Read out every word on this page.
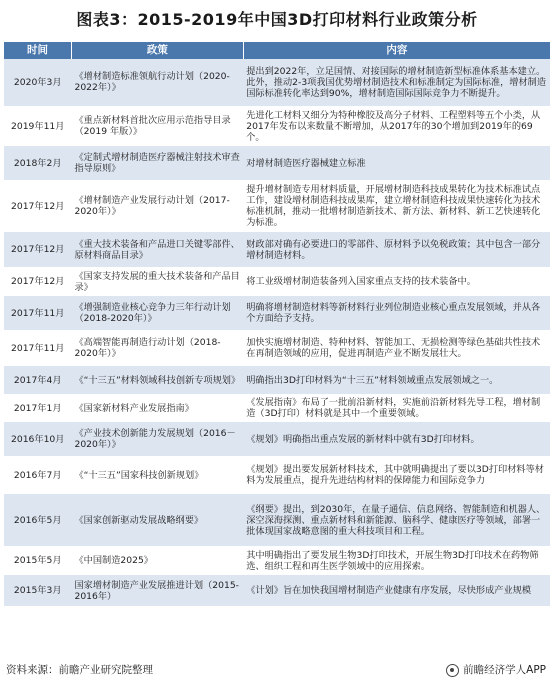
图表3：2015-2019年中国3D打印材料行业政策分析
时间	政策	内容
2020年3月	《增材制造标准领航行动计划（2020-2022年）》	提出到2022年，立足国情、对接国际的增材制造新型标准体系基本建立。此外，推动2-3项我国优势增材制造技术和标准制定为国际标准，增材制造国际标准转化率达到90%，增材制造国际国际竞争力不断提升。
2019年11月	《重点新材料首批次应用示范指导目录（2019 年版）》	先进化工材料又细分为特种橡胶及高分子材料、工程塑料等五个小类，从2017年发布以来数量不断增加，从2017年的30个增加到2019年的69个。
2018年2月	《定制式增材制造医疗器械注射技术审查指导原则》	对增材制造医疗器械建立标准
2017年12月	《增材制造产业发展行动计划（2017-2020年）》	提升增材制造专用材料质量，开展增材制造科技成果转化为技术标准试点工作，建设增材制造科技成果库，建立增材制造科技成果快速转化为技术标准机制，推动一批增材制造新技术、新方法、新材料、新工艺快速转化为标准。
2017年12月	《重大技术装备和产品进口关键零部件、原材料商品目录》	财政部对确有必要进口的零部件、原材料予以免税政策；其中包含一部分增材制造材料。
2017年12月	《国家支持发展的重大技术装备和产品目录》	将工业级增材制造装备列入国家重点支持的技术装备中。
2017年11月	《增强制造业核心竞争力三年行动计划（2018-2020年）》	明确将增材制造材料等新材料行业列位制造业核心重点发展领域，并从各个方面给予支持。
2017年11月	《高端智能再制造行动计划（2018-2020年）》	加快实施增材制造、特种材料、智能加工、无损检测等绿色基础共性技术在再制造领域的应用，促进再制造产业不断发展壮大。
2017年4月	《“十三五”材料领域科技创新专项规划》	明确指出3D打印材料为“十三五”材料领域重点发展领域之一。
2017年1月	《国家新材料产业发展指南》	《发展指南》布局了一批前沿新材料，实施前沿新材料先导工程，增材制造（3D打印）材料就是其中一个重要领域。
2016年10月	《产业技术创新能力发展规划（2016－2020年）》	《规划》明确指出重点发展的新材料中就有3D打印材料。
2016年7月	《“十三五”国家科技创新规划》	《规划》提出要发展新材料技术，其中就明确提出了要以3D打印材料等材料为发展重点，提升先进结构材料的保障能力和国际竞争力
2016年5月	《国家创新驱动发展战略纲要》	《纲要》提出，到2030年，在量子通信、信息网络、智能制造和机器人、深空深海探测、重点新材料和新能源、脑科学、健康医疗等领域，部署一批体现国家战略意图的重大科技项目和工程。
2015年5月	《中国制造2025》	其中明确指出了要发展生物3D打印技术，开展生物3D打印技术在药物筛选、组织工程和再生医学领域中的应用探索。
2015年3月	国家增材制造产业发展推进计划（2015-2016年）	《计划》旨在加快我国增材制造产业健康有序发展，尽快形成产业规模
资料来源：前瞻产业研究院整理	前瞻经济学人APP
